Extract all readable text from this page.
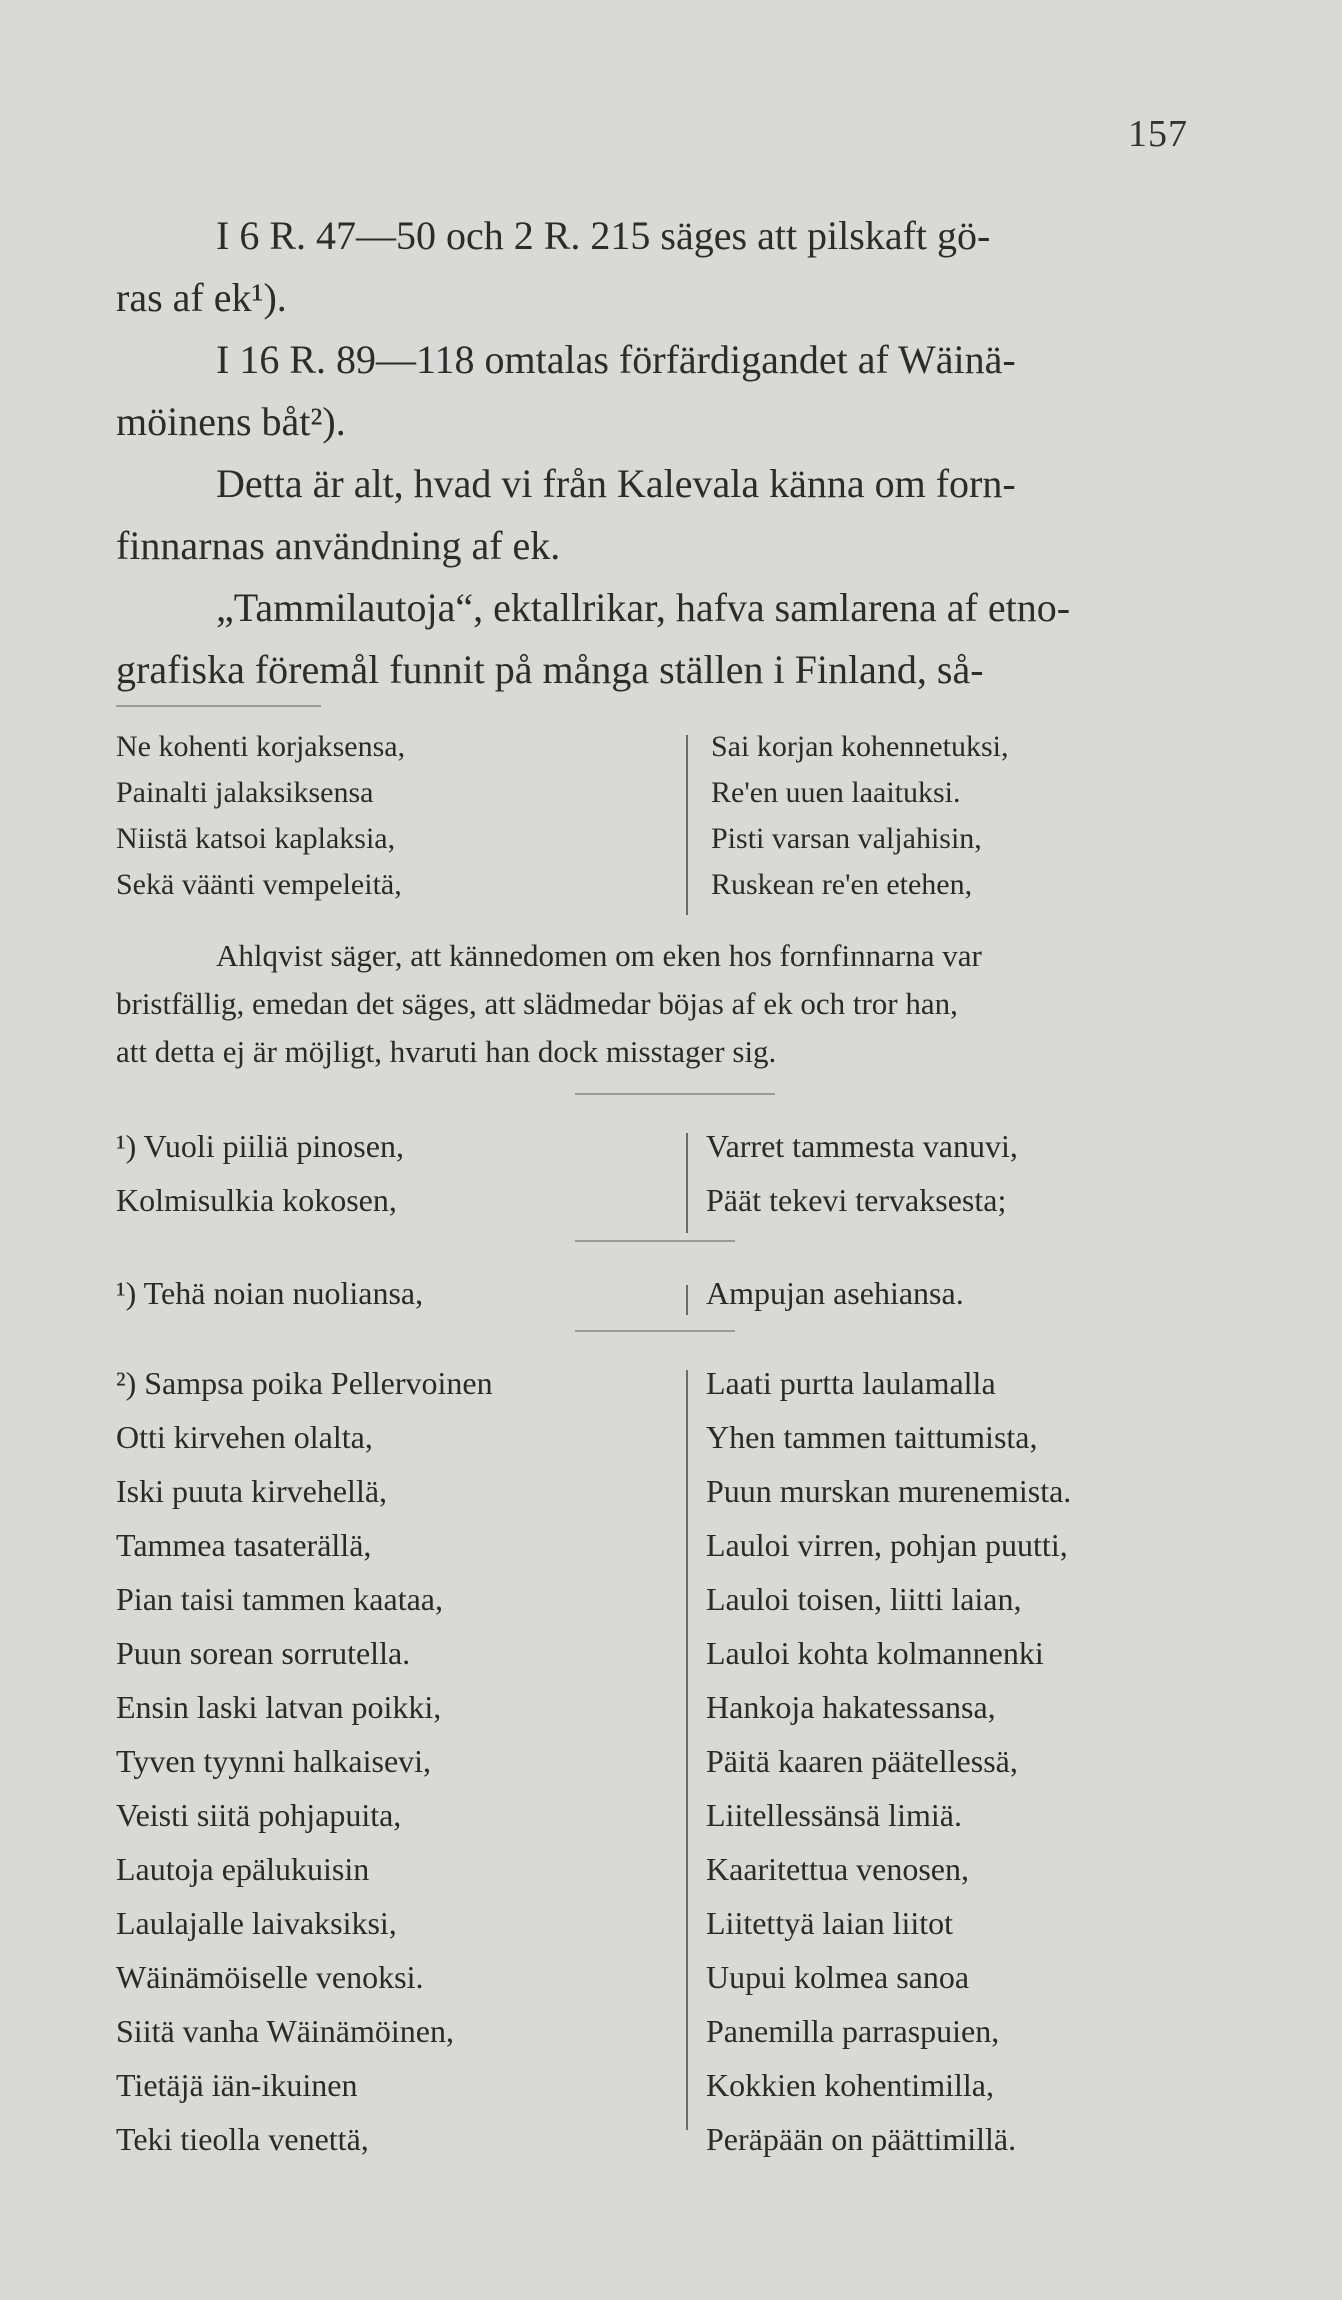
157
I 6 R. 47—50 och 2 R. 215 säges att pilskaft gö-
ras af ek¹).
I 16 R. 89—118 omtalas förfärdigandet af Wäinä-
möinens båt²).
Detta är alt, hvad vi från Kalevala känna om forn-
finnarnas användning af ek.
„Tammilautoja“, ektallrikar, hafva samlarena af etno-
grafiska föremål funnit på många ställen i Finland, så-
Ne kohenti korjaksensa,	Sai korjan kohennetuksi,
Painalti jalaksiksensa	Re'en uuen laaituksi.
Niistä katsoi kaplaksia,	Pisti varsan valjahisin,
Sekä väänti vempeleitä,	Ruskean re'en etehen,
Ahlqvist säger, att kännedomen om eken hos fornfinnarna var
bristfällig, emedan det säges, att slädmedar böjas af ek och tror han,
att detta ej är möjligt, hvaruti han dock misstager sig.
¹) Vuoli piiliä pinosen,	Varret tammesta vanuvi,
Kolmisulkia kokosen,	Päät tekevi tervaksesta;
¹) Tehä noian nuoliansa,	Ampujan asehiansa.
²) Sampsa poika Pellervoinen	Laati purtta laulamalla
Otti kirvehen olalta,	Yhen tammen taittumista,
Iski puuta kirvehellä,	Puun murskan murenemista.
Tammea tasaterällä,	Lauloi virren, pohjan puutti,
Pian taisi tammen kaataa,	Lauloi toisen, liitti laian,
Puun sorean sorrutella.	Lauloi kohta kolmannenki
Ensin laski latvan poikki,	Hankoja hakatessansa,
Tyven tyynni halkaisevi,	Päitä kaaren päätellessä,
Veisti siitä pohjapuita,	Liitellessänsä limiä.
Lautoja epälukuisin	Kaaritettua venosen,
Laulajalle laivaksiksi,	Liitettyä laian liitot
Wäinämöiselle venoksi.	Uupui kolmea sanoa
Siitä vanha Wäinämöinen,	Panemilla parraspuien,
Tietäjä iän-ikuinen	Kokkien kohentimilla,
Teki tieolla venettä,	Peräpään on päättimillä.
